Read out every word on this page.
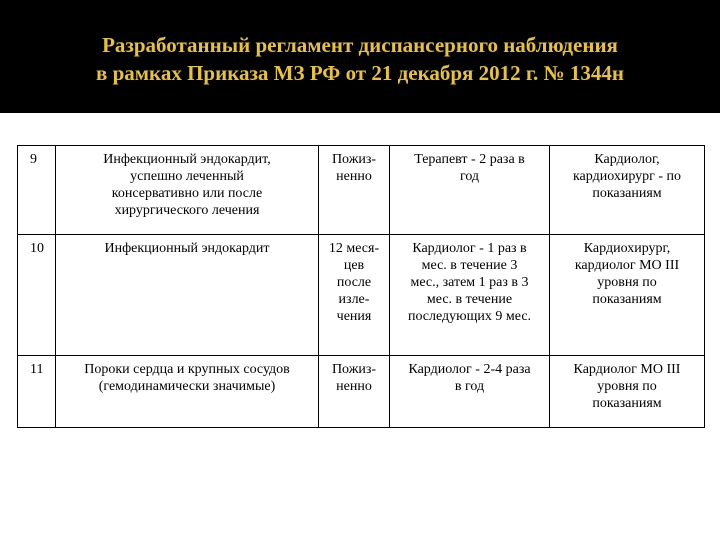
Разработанный регламент диспансерного наблюдения
в рамках Приказа МЗ РФ от 21 декабря 2012 г. № 1344н
9	Инфекционный эндокардит,
успешно леченный
консервативно или после
хирургического лечения	Пожиз-
ненно	Терапевт - 2 раза в
год	Кардиолог,
кардиохирург - по
показаниям

10	Инфекционный эндокардит	12 меся-
цев
после
изле-
чения	Кардиолог - 1 раз в
мес. в течение 3
мес., затем 1 раз в 3
мес. в течение
последующих 9 мес.	Кардиохирург,
кардиолог МО III
уровня по
показаниям

11	Пороки сердца и крупных сосудов
(гемодинамически значимые)	Пожиз-
ненно	Кардиолог - 2-4 раза
в год	Кардиолог МО III
уровня по
показаниям
